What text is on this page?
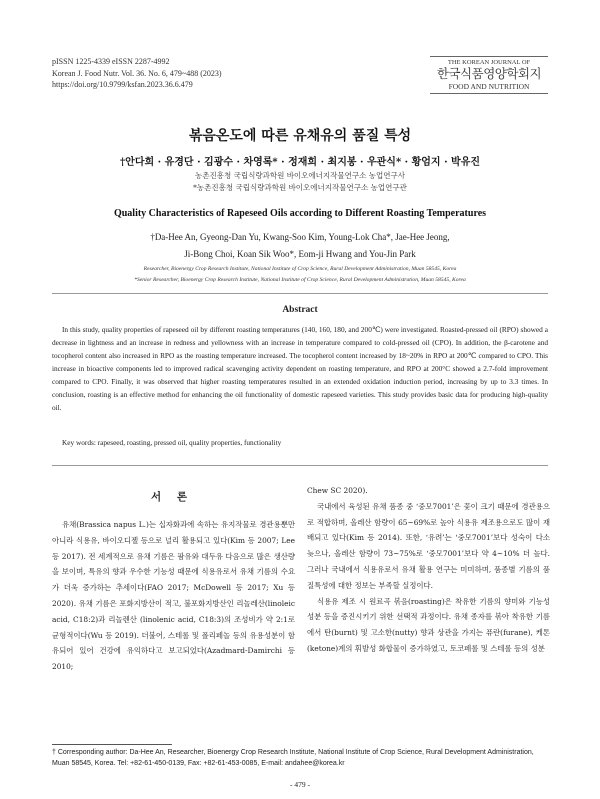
pISSN 1225-4339 eISSN 2287-4992
Korean J. Food Nutr. Vol. 36. No. 6, 479~488 (2023)
https://doi.org/10.9799/ksfan.2023.36.6.479
THE KOREAN JOURNAL OF
한국식품영양학회지
FOOD AND NUTRITION
볶음온도에 따른 유채유의 품질 특성
†안다희 · 유경단 · 김광수 · 차영록* · 정재희 · 최지봉 · 우관식* · 황엄지 · 박유진
농촌진흥청 국립식량과학원 바이오에너지작물연구소 농업연구사
*농촌진흥청 국립식량과학원 바이오에너지작물연구소 농업연구관
Quality Characteristics of Rapeseed Oils according to Different Roasting Temperatures
†Da-Hee An, Gyeong-Dan Yu, Kwang-Soo Kim, Young-Lok Cha*, Jae-Hee Jeong,
Ji-Bong Choi, Koan Sik Woo*, Eom-ji Hwang and You-Jin Park
Researcher, Bioenergy Crop Research Institute, National Institute of Crop Science, Rural Development Administration, Muan 58545, Korea
*Senior Researcher, Bioenergy Crop Research Institute, National Institute of Crop Science, Rural Development Administration, Muan 58545, Korea
Abstract

In this study, quality properties of rapeseed oil by different roasting temperatures (140, 160, 180, and 200℃) were investigated. Roasted-pressed oil (RPO) showed a decrease in lightness and an increase in redness and yellowness with an increase in temperature compared to cold-pressed oil (CPO). In addition, the β-carotene and tocopherol content also increased in RPO as the roasting temperature increased. The tocopherol content increased by 18~20% in RPO at 200℃ compared to CPO. This increase in bioactive components led to improved radical scavenging activity dependent on roasting temperature, and RPO at 200°C showed a 2.7-fold improvement compared to CPO. Finally, it was observed that higher roasting temperatures resulted in an extended oxidation induction period, increasing by up to 3.3 times. In conclusion, roasting is an effective method for enhancing the oil functionality of domestic rapeseed varieties. This study provides basic data for producing high-quality oil.

Key words: rapeseed, roasting, pressed oil, quality properties, functionality
서 론

유채(Brassica napus L.)는 십자화과에 속하는 유지작물로 경관용뿐만 아니라 식용유, 바이오디젤 등으로 널리 활용되고 있다(Kim 등 2007; Lee 등 2017). 전 세계적으로 유채 기름은 팜유와 대두유 다음으로 많은 생산량을 보이며, 특유의 향과 우수한 기능성 때문에 식용유로서 유채 기름의 수요가 더욱 증가하는 추세이다(FAO 2017; McDowell 등 2017; Xu 등 2020). 유채 기름은 포화지방산이 적고, 불포화지방산인 리놀레산(linoleic acid, C18:2)과 리놀렌산 (linolenic acid, C18:3)의 조성비가 약 2:1로 균형적이다(Wu 등 2019). 더불어, 스테롤 및 폴리페놀 등의 유용성분이 함유되어 있어 건강에 유익하다고 보고되었다(Azadmard-Damirchi 등 2010;

Chew SC 2020).

국내에서 육성된 유채 품종 중 ‘중모7001’은 꽃이 크기 때문에 경관용으로 적합하며, 올레산 함량이 65~69%로 높아 식용유 제조용으로도 많이 재배되고 있다(Kim 등 2014). 또한, ‘유려’는 ‘중모7001’보다 성숙이 다소 늦으나, 올레산 함량이 73~75%로 ‘중모7001’보다 약 4~10% 더 높다. 그러나 국내에서 식용유로서 유채 활용 연구는 미미하며, 품종별 기름의 품질특성에 대한 정보는 부족할 실정이다.

식용유 제조 시 원료곡 볶음(roasting)은 착유한 기름의 향미와 기능성 성분 등을 증진시키기 위한 선택적 과정이다. 유채 종자를 볶아 착유한 기름에서 탄(burnt) 및 고소한(nutty) 향과 상관을 가지는 퓨란(furane), 케톤(ketone)계의 휘발성 화합물이 증가하였고, 토코페롤 및 스테롤 등의 성분

† Corresponding author: Da-Hee An, Researcher, Bioenergy Crop Research Institute, National Institute of Crop Science, Rural Development Administration, Muan 58545, Korea. Tel: +82-61-450-0139, Fax: +82-61-453-0085, E-mail: andahee@korea.kr
- 479 -
